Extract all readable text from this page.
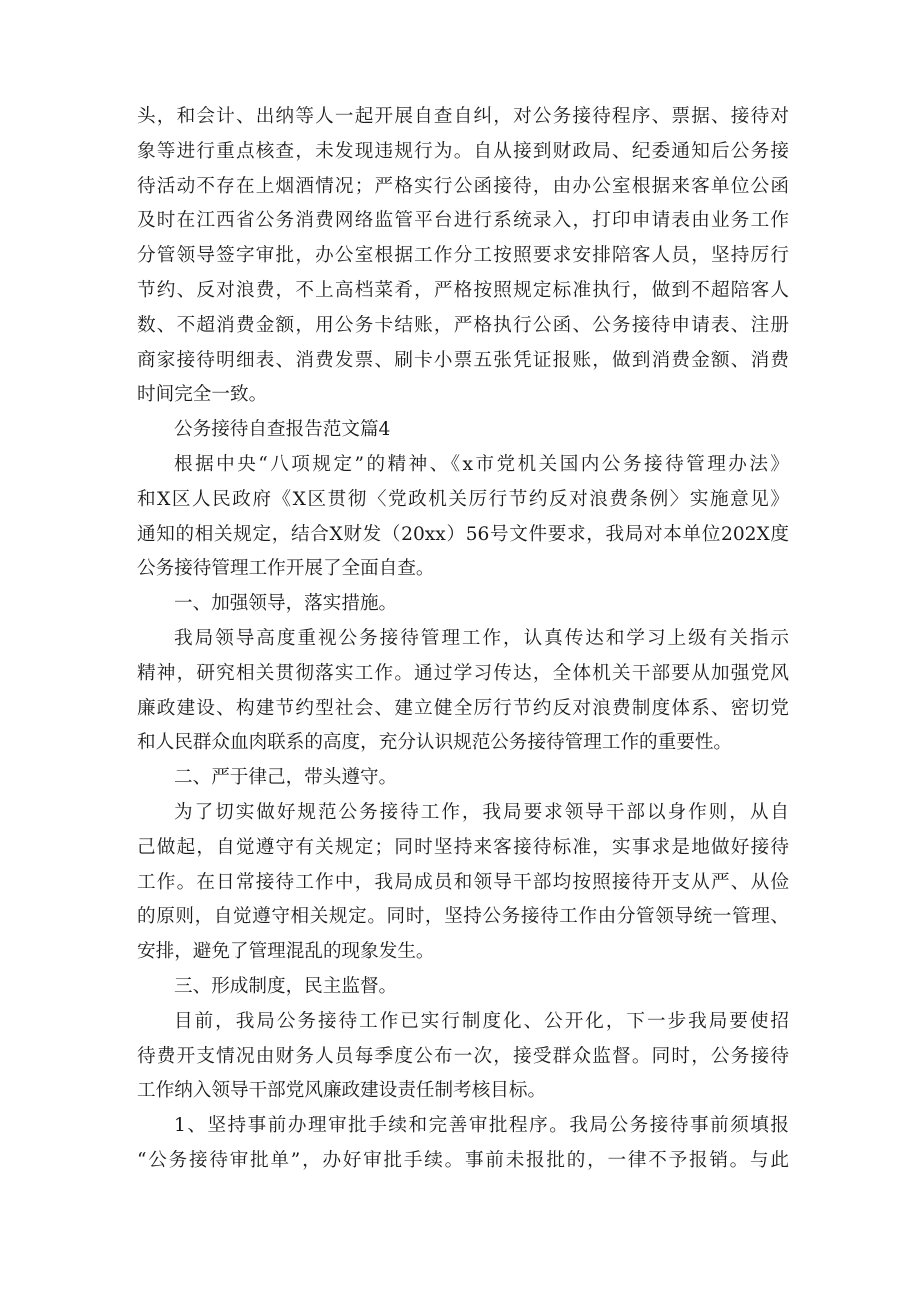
头，和会计、出纳等人一起开展自查自纠，对公务接待程序、票据、接待对
象等进行重点核查，未发现违规行为。自从接到财政局、纪委通知后公务接
待活动不存在上烟酒情况；严格实行公函接待，由办公室根据来客单位公函
及时在江西省公务消费网络监管平台进行系统录入，打印申请表由业务工作
分管领导签字审批，办公室根据工作分工按照要求安排陪客人员，坚持厉行
节约、反对浪费，不上高档菜肴，严格按照规定标准执行，做到不超陪客人
数、不超消费金额，用公务卡结账，严格执行公函、公务接待申请表、注册
商家接待明细表、消费发票、刷卡小票五张凭证报账，做到消费金额、消费
时间完全一致。
公务接待自查报告范文篇4
根据中央“八项规定”的精神、《x市党机关国内公务接待管理办法》
和X区人民政府《X区贯彻〈党政机关厉行节约反对浪费条例〉实施意见》
通知的相关规定，结合X财发（20xx）56号文件要求，我局对本单位202X度
公务接待管理工作开展了全面自查。
一、加强领导，落实措施。
我局领导高度重视公务接待管理工作，认真传达和学习上级有关指示
精神，研究相关贯彻落实工作。通过学习传达，全体机关干部要从加强党风
廉政建设、构建节约型社会、建立健全厉行节约反对浪费制度体系、密切党
和人民群众血肉联系的高度，充分认识规范公务接待管理工作的重要性。
二、严于律己，带头遵守。
为了切实做好规范公务接待工作，我局要求领导干部以身作则，从自
己做起，自觉遵守有关规定；同时坚持来客接待标准，实事求是地做好接待
工作。在日常接待工作中，我局成员和领导干部均按照接待开支从严、从俭
的原则，自觉遵守相关规定。同时，坚持公务接待工作由分管领导统一管理、
安排，避免了管理混乱的现象发生。
三、形成制度，民主监督。
目前，我局公务接待工作已实行制度化、公开化，下一步我局要使招
待费开支情况由财务人员每季度公布一次，接受群众监督。同时，公务接待
工作纳入领导干部党风廉政建设责任制考核目标。
1、坚持事前办理审批手续和完善审批程序。我局公务接待事前须填报
“公务接待审批单”，办好审批手续。事前未报批的，一律不予报销。与此
